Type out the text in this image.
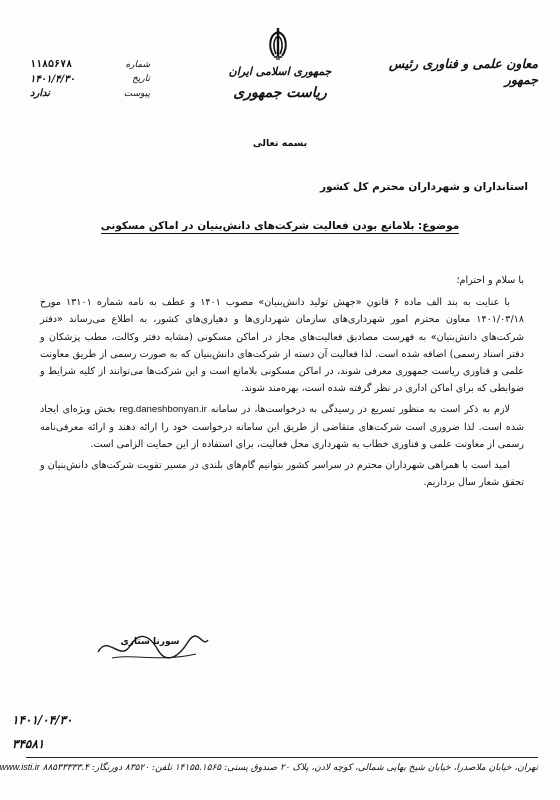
معاون علمی و فناوری رئیس جمهور
جمهوری اسلامی ایران
ریاست جمهوری
شماره
۱۱۸۵۶۷۸
تاریخ
۱۴۰۱/۴/۳۰
پیوست
ندارد
بسمه تعالی
استانداران و شهرداران محترم کل کشور
موضوع: بلامانع بودن فعالیت شرکت‌های دانش‌بنیان در اماکن مسکونی

با سلام و احترام؛

با عنایت به بند الف ماده ۶ قانون «جهش تولید دانش‌بنیان» مصوب ۱۴۰۱ و عطف به نامه شماره ۱۳۱۰۱ مورخ ۱۴۰۱/۰۳/۱۸ معاون محترم امور شهرداری‌های سازمان شهرداری‌ها و دهیاری‌های کشور، به اطلاع می‌رساند «دفتر شرکت‌های دانش‌بنیان» به فهرست مصادیق فعالیت‌های مجاز در اماکن مسکونی (مشابه دفتر وکالت، مطب پزشکان و دفتر اسناد رسمی) اضافه شده است. لذا فعالیت آن دسته از شرکت‌های دانش‌بنیان که به صورت رسمی از طریق معاونت علمی و فناوری ریاست جمهوری معرفی شوند، در اماکن مسکونی بلامانع است و این شرکت‌ها می‌توانند از کلیه شرایط و ضوابطی که برای اماکن اداری در نظر گرفته شده است، بهره‌مند شوند.

لازم به ذکر است به منظور تسریع در رسیدگی به درخواست‌ها، در سامانه reg.daneshbonyan.ir بخش ویژه‌ای ایجاد شده است. لذا ضروری است شرکت‌های متقاضی از طریق این سامانه درخواست خود را ارائه دهند و ارائه معرفی‌نامه رسمی از معاونت علمی و فناوری خطاب به شهرداری محل فعالیت، برای استفاده از این حمایت الزامی است.

امید است با همراهی شهرداران محترم در سراسر کشور بتوانیم گام‌های بلندی در مسیر تقویت شرکت‌های دانش‌بنیان و تحقق شعار سال برداریم.

سورنا ستاری
۱۴۰۱/۰۴/۳۰
۳۴۵۸۱
تهران، خیابان ملاصدرا، خیابان شیخ بهایی شمالی، کوچه لادن، پلاک ۲۰ صندوق پستی: ۱۴۱۵۵.۱۵۶۵ تلفن: ۸۳۵۲۰ دورنگار: ۸۸۵۳۳۳۳۳.۴ www.isti.ir
